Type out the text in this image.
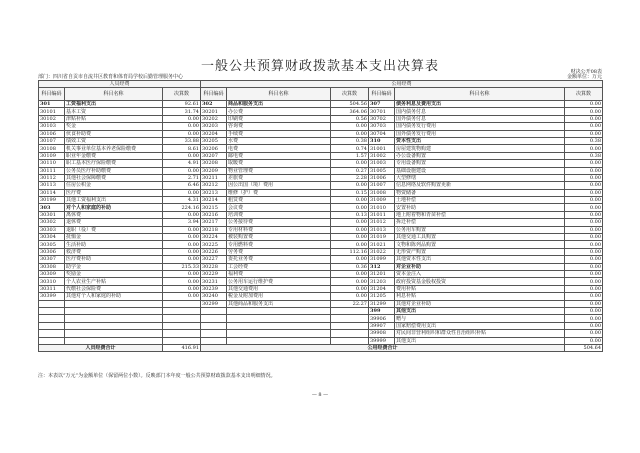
一般公共预算财政拨款基本支出决算表	财决公开08表
部门：四川省自贡市自流井区教育和体育局学校后勤管理服务中心	金额单位：万元
人员经费			公用经费					
科目编码	科目名称	决算数	科目编码	科目名称	决算数	科目编码	科目名称	决算数
301	工资福利支出	92.61	302	商品和服务支出	504.56	307	债务利息及费用支出	0.00
30101	基本工资	31.74	30201	办公费	364.06	30701	国内债务付息	0.00
30102	津贴补贴	0.00	30202	印刷费	0.56	30702	国外债务付息	0.00
30103	奖金	0.00	30203	咨询费	0.00	30703	国内债务发行费用	0.00
30106	伙食补助费	0.00	30204	手续费	0.00	30704	国外债务发行费用	0.00
30107	绩效工资	33.88	30205	水费	0.38	310	资本性支出	0.38
30108	机关事业单位基本养老保险缴费	8.61	30206	电费	0.74	31001	房屋建筑物购建	0.00
30109	职业年金缴费	0.00	30207	邮电费	1.57	31002	办公设备购置	0.38
30110	职工基本医疗保险缴费	4.91	30208	取暖费	0.00	31003	专用设备购置	0.00
30111	公务员医疗补助缴费	0.00	30209	物业管理费	0.27	31005	基础设施建设	0.00
30112	其他社会保障缴费	2.71	30211	差旅费	2.28	31006	大型修缮	0.00
30113	住房公积金	6.46	30212	因公出国（境）费用	0.00	31007	信息网络及软件购置更新	0.00
30114	医疗费	0.00	30213	维修（护）费	0.15	31008	物资储备	0.00
30199	其他工资福利支出	4.31	30214	租赁费	0.00	31009	土地补偿	0.00
303	对个人和家庭的补助	224.16	30215	会议费	0.00	31010	安置补助	0.00
30301	离休费	0.00	30216	培训费	0.13	31011	地上附着物和青苗补偿	0.00
30302	退休费	3.94	30217	公务接待费	0.00	31012	拆迁补偿	0.00
30303	退职（役）费	0.00	30218	专用材料费	0.00	31013	公务用车购置	0.00
30304	抚恤金	0.00	30224	被装购置费	0.00	31019	其他交通工具购置	0.00
30305	生活补助	0.00	30225	专用燃料费	0.00	31021	文物和陈列品购置	0.00
30306	救济费	0.00	30226	劳务费	112.16	31022	无形资产购置	0.00
30307	医疗费补助	0.00	30227	委托业务费	0.00	31099	其他资本性支出	0.00
30308	助学金	215.33	30228	工会经费	0.36	312	对企业补助	0.00
30309	奖励金	0.00	30229	福利费	0.00	31201	资本金注入	0.00
30310	个人农业生产补贴	0.00	30231	公务用车运行维护费	0.00	31203	政府投资基金股权投资	0.00
30311	代缴社会保险费	0.00	30239	其他交通费用	0.00	31204	费用补贴	0.00
30399	其他对个人和家庭的补助	0.00	30240	税金及附加费用	0.00	31205	利息补贴	0.00
			30299	其他商品和服务支出	22.27	31299	其他对企业补助	0.00
						399	其他支出	0.00
						39906	赠与	0.00
						39907	国家赔偿费用支出	0.00
						39908	对民间非营利组织和群众性自治组织补贴	0.00
						39999	其他支出	0.00
人员经费合计		416.91	公用经费合计					504.64
注：本表以“万元”为金额单位（保留两位小数）。反映部门本年度一般公共预算财政拨款基本支出明细情况。
— 8 —
